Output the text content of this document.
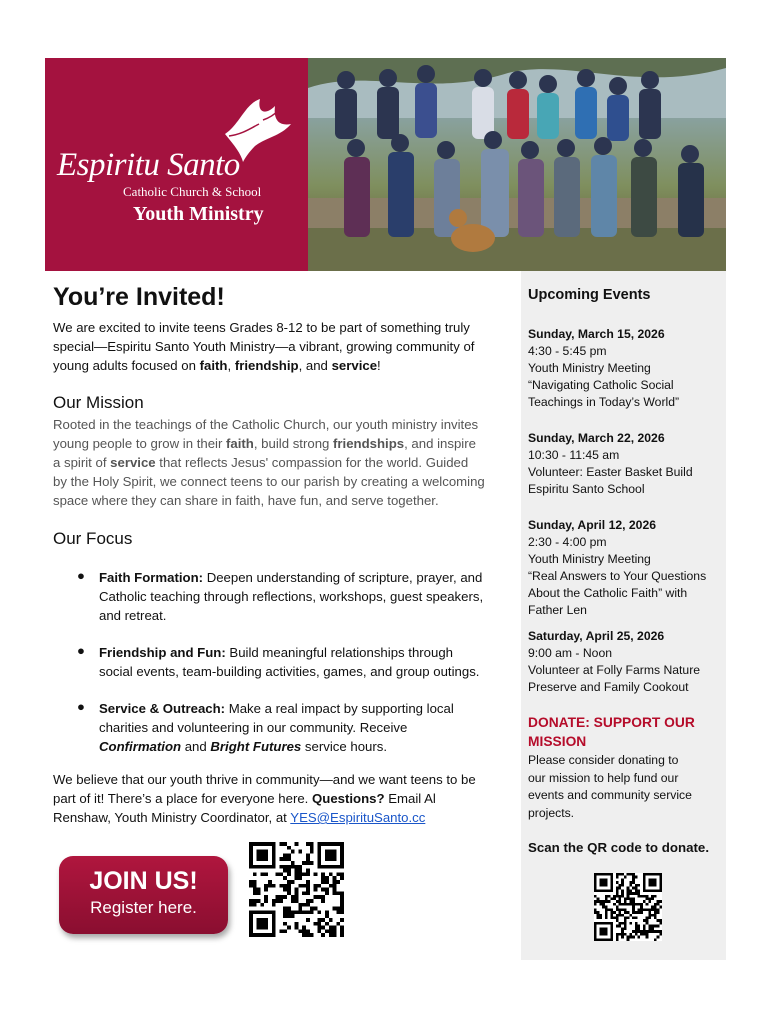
Espiritu Santo
Catholic Church & School
Youth Ministry
You’re Invited!
We are excited to invite teens Grades 8-12 to be part of something truly
special—Espiritu Santo Youth Ministry—a vibrant, growing community of
young adults focused on faith, friendship, and service!
Our Mission
Rooted in the teachings of the Catholic Church, our youth ministry invites
young people to grow in their faith, build strong friendships, and inspire
a spirit of service that reflects Jesus' compassion for the world. Guided
by the Holy Spirit, we connect teens to our parish by creating a welcoming
space where they can share in faith, have fun, and serve together.
Our Focus
● Faith Formation: Deepen understanding of scripture, prayer, and
Catholic teaching through reflections, workshops, guest speakers,
and retreat.
● Friendship and Fun: Build meaningful relationships through
social events, team-building activities, games, and group outings.
● Service & Outreach: Make a real impact by supporting local
charities and volunteering in our community. Receive
Confirmation and Bright Futures service hours.
We believe that our youth thrive in community—and we want teens to be
part of it! There’s a place for everyone here. Questions? Email Al
Renshaw, Youth Ministry Coordinator, at YES@EspirituSanto.cc
JOIN US!
Register here.
Upcoming Events
Sunday, March 15, 2026
4:30 - 5:45 pm
Youth Ministry Meeting
“Navigating Catholic Social
Teachings in Today’s World”
Sunday, March 22, 2026
10:30 - 11:45 am
Volunteer: Easter Basket Build
Espiritu Santo School
Sunday, April 12, 2026
2:30 - 4:00 pm
Youth Ministry Meeting
“Real Answers to Your Questions
About the Catholic Faith” with
Father Len
Saturday, April 25, 2026
9:00 am - Noon
Volunteer at Folly Farms Nature
Preserve and Family Cookout
DONATE: SUPPORT OUR
MISSION
Please consider donating to
our mission to help fund our
events and community service
projects.
Scan the QR code to donate.
